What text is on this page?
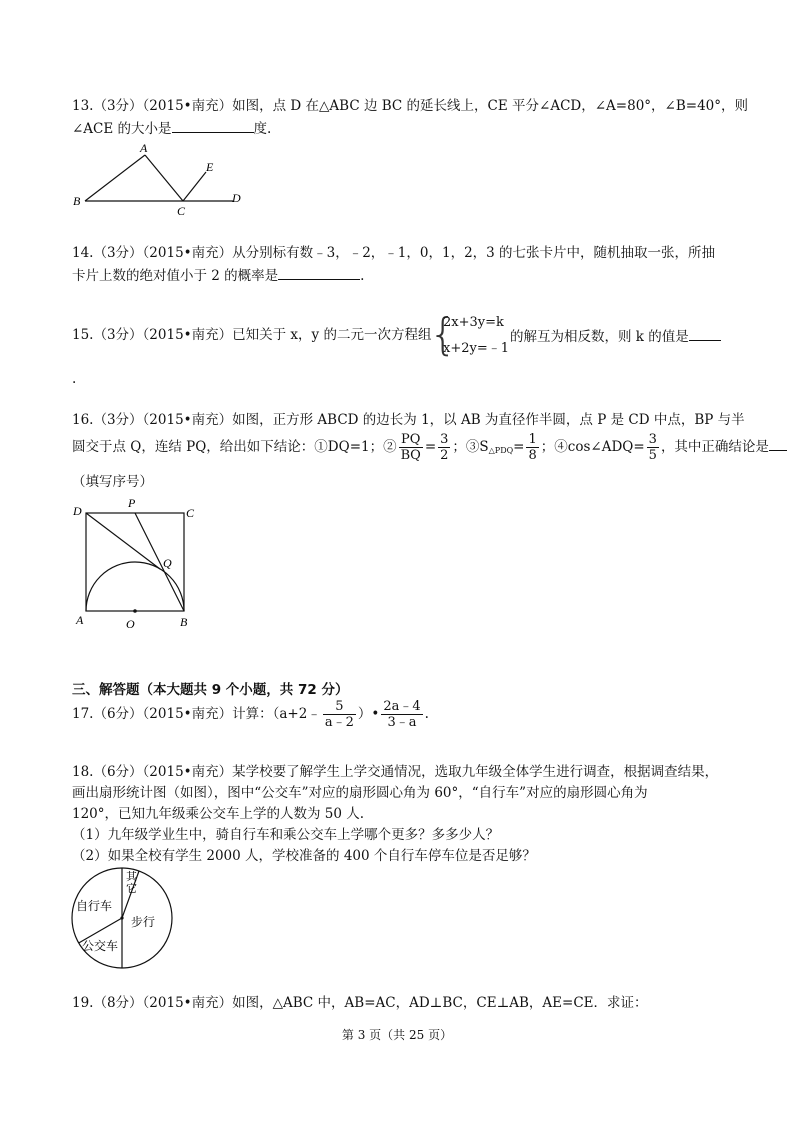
13.（3分）（2015•南充）如图，点 D 在△ABC 边 BC 的延长线上，CE 平分∠ACD，∠A=80°，∠B=40°，则
∠ACE 的大小是	度.
A
B
C
D
E
14.（3分）（2015•南充）从分别标有数﹣3，﹣2，﹣1，0，1，2，3 的七张卡片中，随机抽取一张，所抽
卡片上数的绝对值小于 2 的概率是	.
15.（3分）（2015•南充）已知关于 x，y 的二元一次方程组
{
2x+3y=k
x+2y=﹣1
的解互为相反数，则 k 的值是
.
16.（3分）（2015•南充）如图，正方形 ABCD 的边长为 1，以 AB 为直径作半圆，点 P 是 CD 中点，BP 与半
圆交于点 Q，连结 PQ，给出如下结论：①DQ=1；② $\frac{PQ}{BQ} = \frac{3}{2}$ ；$③S_{\triangle PDQ}= \frac{1}{8}$ ；④cos∠ADQ= $\frac{3}{5}$ ，其中正确结论是
（填写序号）
D
P
C
Q
A	O	B
三、解答题（本大题共 9 个小题，共 72 分）
17.（6分）（2015•南充）计算：（a+2﹣ $\frac{5}{a﹣2}$ ）• $\frac{2a﹣4}{3﹣a}$ .
18.（6分）（2015•南充）某学校要了解学生上学交通情况，选取九年级全体学生进行调查，根据调查结果，
画出扇形统计图（如图），图中“公交车”对应的扇形圆心角为 60°，“自行车”对应的扇形圆心角为
120°，已知九年级乘公交车上学的人数为 50 人.
（1）九年级学业生中，骑自行车和乘公交车上学哪个更多？多多少人？
（2）如果全校有学生 2000 人，学校准备的 400 个自行车停车位是否足够？
其
它
自行车
步行
公交车
19.（8分）（2015•南充）如图，△ABC 中，AB=AC，AD⊥BC，CE⊥AB，AE=CE．求证：
第 3 页（共 25 页）
